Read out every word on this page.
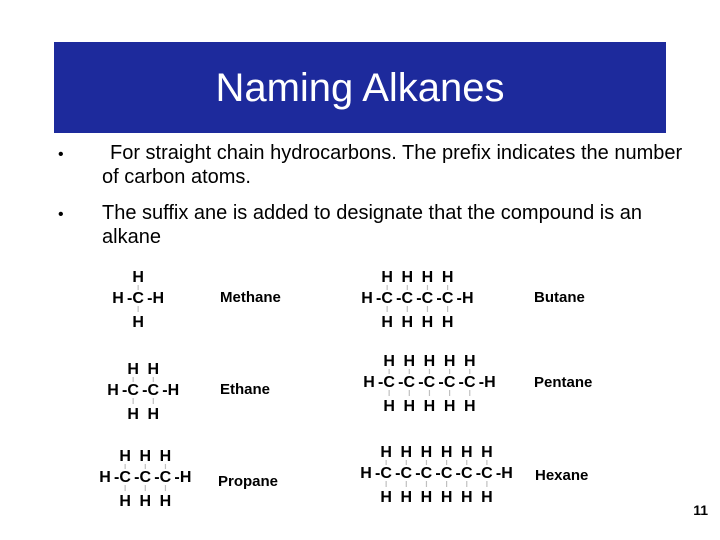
Naming Alkanes
•	For straight chain hydrocarbons. The prefix indicates the number of carbon atoms.
• The suffix ane is added to designate that the compound is an alkane
H - C - H
H
H
Methane
H - C - C - H
H
H
H
H
Ethane
H - C - C - C - H
H
H
H
H
H
H
Propane
H - C - C - C - C - H
H
H
H
H
H
H
H
H
Butane
H - C - C - C - C - C - H
H
H
H
H
H
H
H
H
H
H
Pentane
H - C - C - C - C - C - C - H
H
H
H
H
H
H
H
H
H
H
H
H
Hexane
11
